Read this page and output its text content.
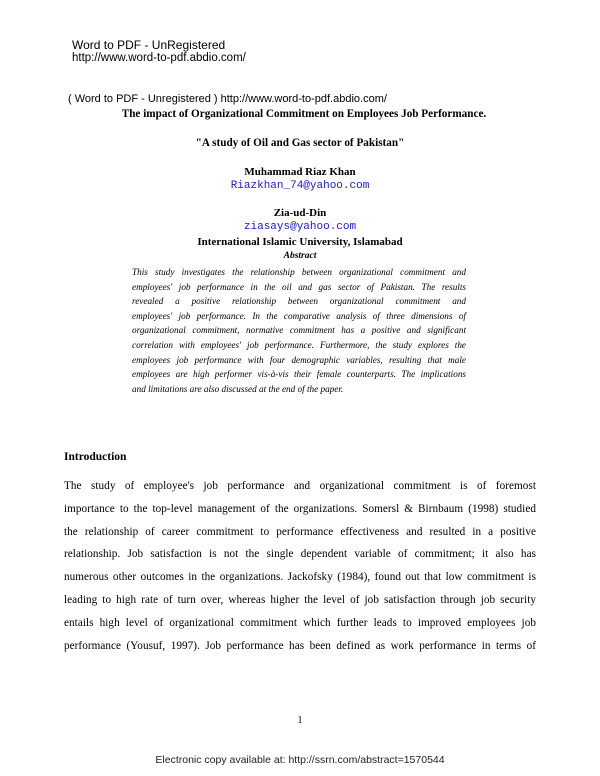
Word to PDF - UnRegistered
http://www.word-to-pdf.abdio.com/
( Word to PDF - Unregistered ) http://www.word-to-pdf.abdio.com/
The impact of Organizational Commitment on Employees Job Performance.
"A study of Oil and Gas sector of Pakistan"
Muhammad Riaz Khan
Riazkhan_74@yahoo.com
Zia-ud-Din
ziasays@yahoo.com
International Islamic University, Islamabad
Abstract
This study investigates the relationship between organizational commitment and
employees' job performance in the oil and gas sector of Pakistan. The results
revealed a positive relationship between organizational commitment and
employees' job performance. In the comparative analysis of three dimensions of
organizational commitment, normative commitment has a positive and significant
correlation with employees' job performance. Furthermore, the study explores the
employees job performance with four demographic variables, resulting that male
employees are high performer vis-à-vis their female counterparts. The implications
and limitations are also discussed at the end of the paper.
Introduction
The study of employee's job performance and organizational commitment is of foremost
importance to the top-level management of the organizations. Somersl & Birnbaum (1998) studied
the relationship of career commitment to performance effectiveness and resulted in a positive
relationship. Job satisfaction is not the single dependent variable of commitment; it also has
numerous other outcomes in the organizations. Jackofsky (1984), found out that low commitment is
leading to high rate of turn over, whereas higher the level of job satisfaction through job security
entails high level of organizational commitment which further leads to improved employees job
performance (Yousuf, 1997). Job performance has been defined as work performance in terms of
1
Electronic copy available at: http://ssrn.com/abstract=1570544
